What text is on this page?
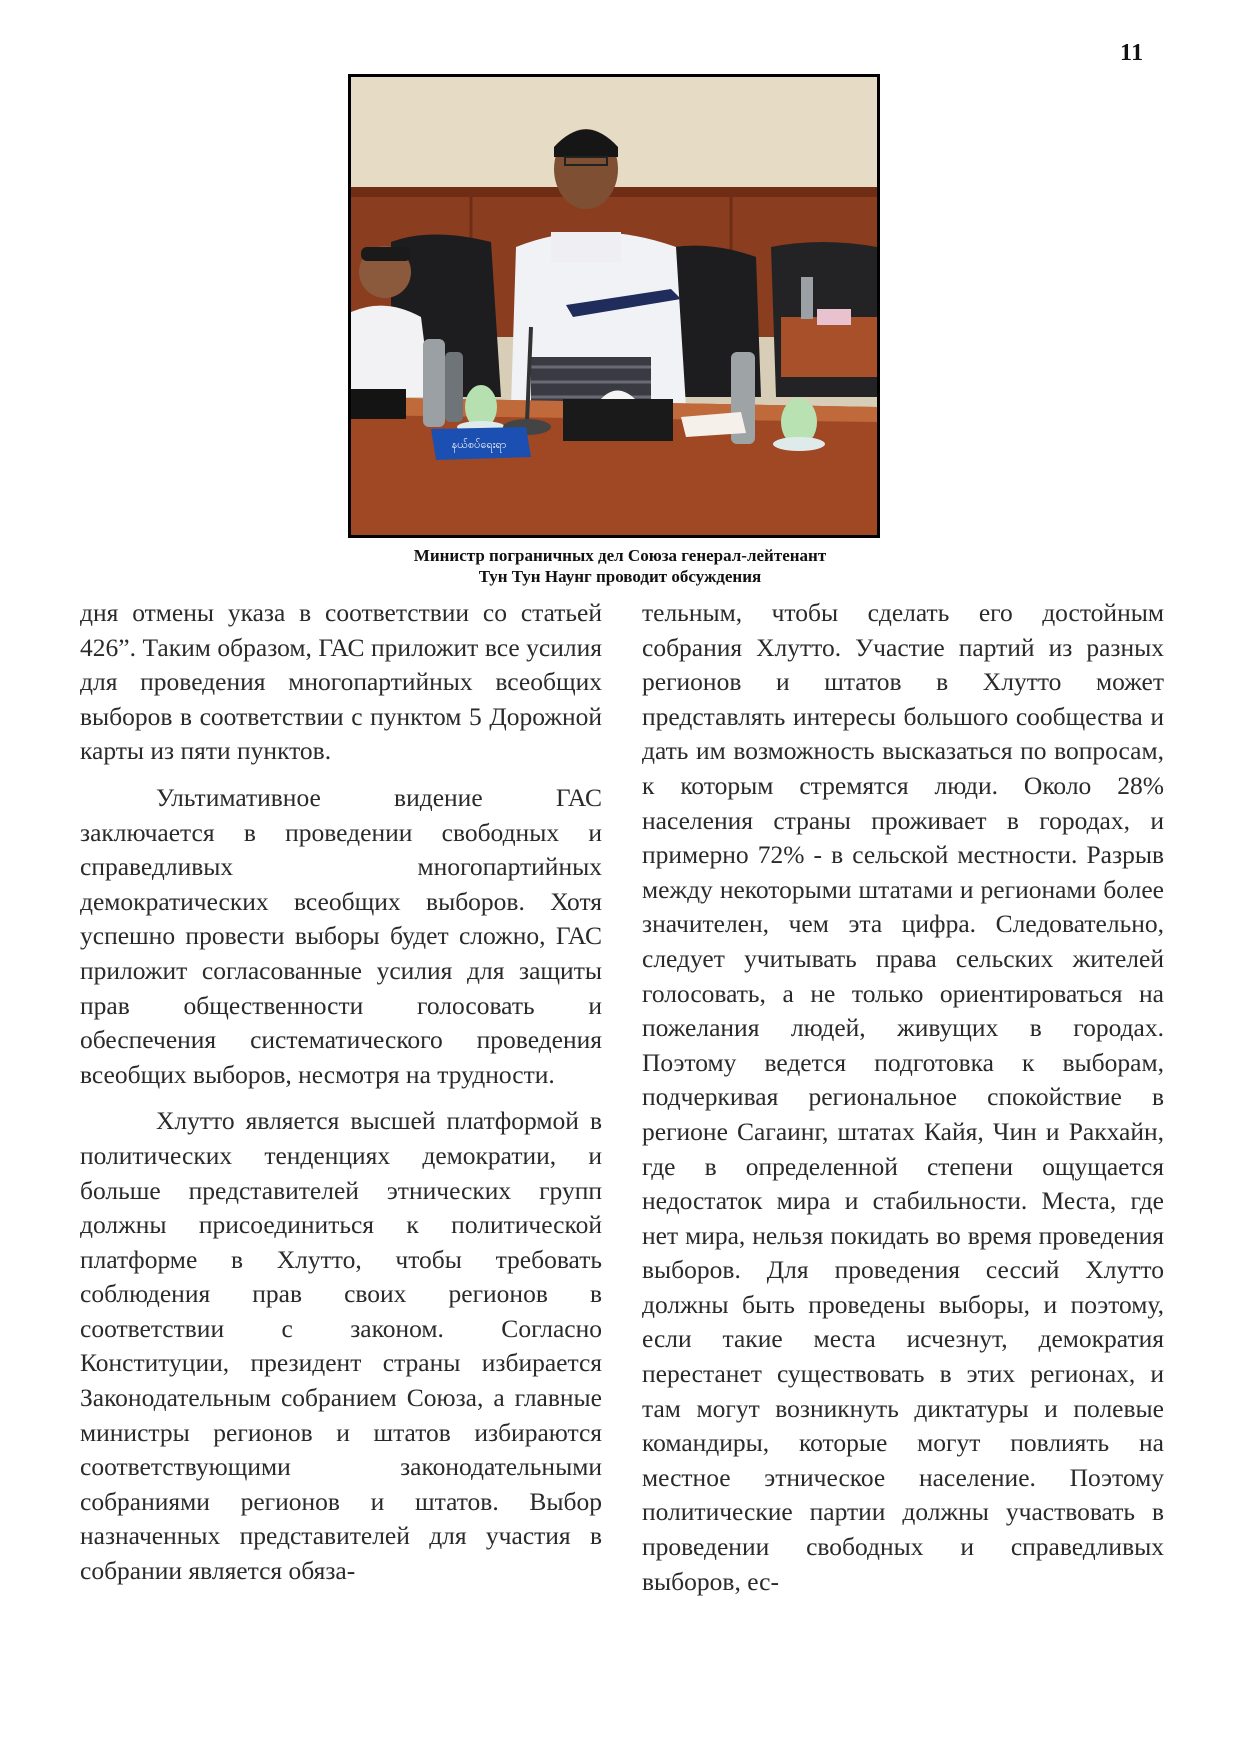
11
နယ်စပ်ရေးရာ
Министр пограничных дел Союза генерал-лейтенант
Тун Тун Наунг проводит обсуждения

дня отмены указа в соответствии со статьей 426”. Таким образом, ГАС приложит все усилия для проведения многопартийных всеобщих выборов в соответствии с пунктом 5 Дорожной карты из пяти пунктов.

Ультимативное видение ГАС заключается в проведении свободных и справедливых многопартийных демократических всеобщих выборов. Хотя успешно провести выборы будет сложно, ГАС приложит согласованные усилия для защиты прав общественности голосовать и обеспечения систематического проведения всеобщих выборов, несмотря на трудности.

Хлутто является высшей платформой в политических тенденциях демократии, и больше представителей этнических групп должны присоединиться к политической платформе в Хлутто, чтобы требовать соблюдения прав своих регионов в соответствии с законом. Согласно Конституции, президент страны избирается Законодательным собранием Союза, а главные министры регионов и штатов избираются соответствующими законодательными собраниями регионов и штатов. Выбор назначенных представителей для участия в собрании является обяза-

тельным, чтобы сделать его достойным собрания Хлутто. Участие партий из разных регионов и штатов в Хлутто может представлять интересы большого сообщества и дать им возможность высказаться по вопросам, к которым стремятся люди. Около 28% населения страны проживает в городах, и примерно 72% - в сельской местности. Разрыв между некоторыми штатами и регионами более значителен, чем эта цифра. Следовательно, следует учитывать права сельских жителей голосовать, а не только ориентироваться на пожелания людей, живущих в городах. Поэтому ведется подготовка к выборам, подчеркивая региональное спокойствие в регионе Сагаинг, штатах Кайя, Чин и Ракхайн, где в определенной степени ощущается недостаток мира и стабильности. Места, где нет мира, нельзя покидать во время проведения выборов. Для проведения сессий Хлутто должны быть проведены выборы, и поэтому, если такие места исчезнут, демократия перестанет существовать в этих регионах, и там могут возникнуть диктатуры и полевые командиры, которые могут повлиять на местное этническое население. Поэтому политические партии должны участвовать в проведении свободных и справедливых выборов, ес-
